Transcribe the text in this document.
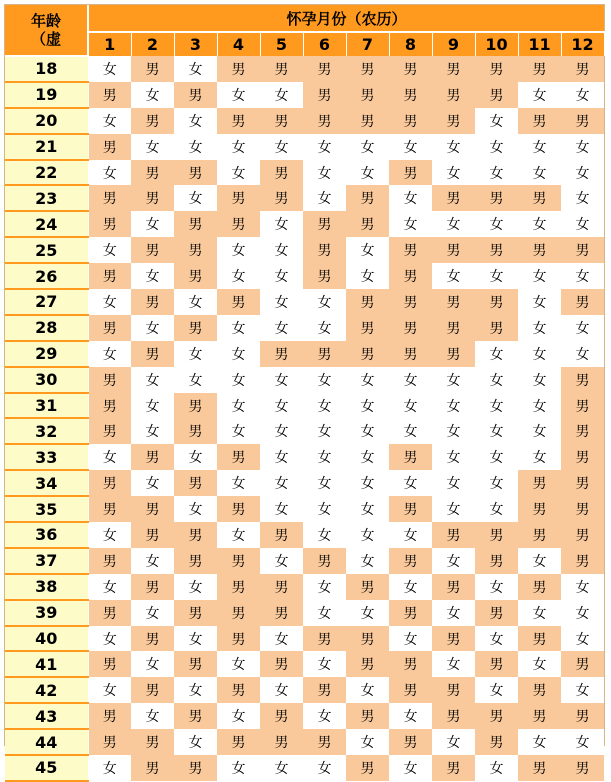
年龄
（虚	怀孕月份（农历）											
	1	2	3	4	5	6	7	8	9	10	11	12
18	女	男	女	男	男	男	男	男	男	男	男	男
19	男	女	男	女	女	男	男	男	男	男	女	女
20	女	男	女	男	男	男	男	男	男	女	男	男
21	男	女	女	女	女	女	女	女	女	女	女	女
22	女	男	男	女	男	女	女	男	女	女	女	女
23	男	男	女	男	男	女	男	女	男	男	男	女
24	男	女	男	男	女	男	男	女	女	女	女	女
25	女	男	男	女	女	男	女	男	男	男	男	男
26	男	女	男	女	女	男	女	男	女	女	女	女
27	女	男	女	男	女	女	男	男	男	男	女	男
28	男	女	男	女	女	女	男	男	男	男	女	女
29	女	男	女	女	男	男	男	男	男	女	女	女
30	男	女	女	女	女	女	女	女	女	女	女	男
31	男	女	男	女	女	女	女	女	女	女	女	男
32	男	女	男	女	女	女	女	女	女	女	女	男
33	女	男	女	男	女	女	女	男	女	女	女	男
34	男	女	男	女	女	女	女	女	女	女	男	男
35	男	男	女	男	女	女	女	男	女	女	男	男
36	女	男	男	女	男	女	女	女	男	男	男	男
37	男	女	男	男	女	男	女	男	女	男	女	男
38	女	男	女	男	男	女	男	女	男	女	男	女
39	男	女	男	男	男	女	女	男	女	男	女	女
40	女	男	女	男	女	男	男	女	男	女	男	女
41	男	女	男	女	男	女	男	男	女	男	女	男
42	女	男	女	男	女	男	女	男	男	女	男	女
43	男	女	男	女	男	女	男	女	男	男	男	男
44	男	男	女	男	男	男	女	男	女	男	女	女
45	女	男	男	女	女	女	男	女	男	女	男	男
